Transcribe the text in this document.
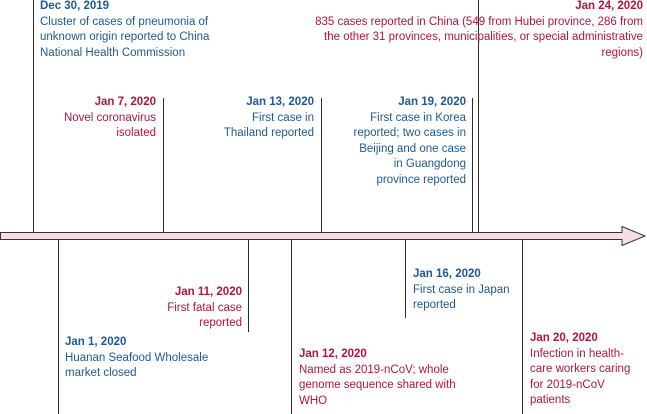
Dec 30, 2019
Cluster of cases of pneumonia of unknown origin reported to China National Health Commission
Jan 7, 2020
Novel coronavirus isolated
Jan 13, 2020
First case in Thailand reported
Jan 19, 2020
First case in Korea reported; two cases in Beijing and one case in Guangdong province reported
Jan 24, 2020
835 cases reported in China (549 from Hubei province, 286 from the other 31 provinces, municipalities, or special administrative regions)
Jan 1, 2020
Huanan Seafood Wholesale market closed
Jan 11, 2020
First fatal case reported
Jan 12, 2020
Named as 2019-nCoV; whole genome sequence shared with WHO
Jan 16, 2020
First case in Japan reported
Jan 20, 2020
Infection in health-care workers caring for 2019-nCoV patients
